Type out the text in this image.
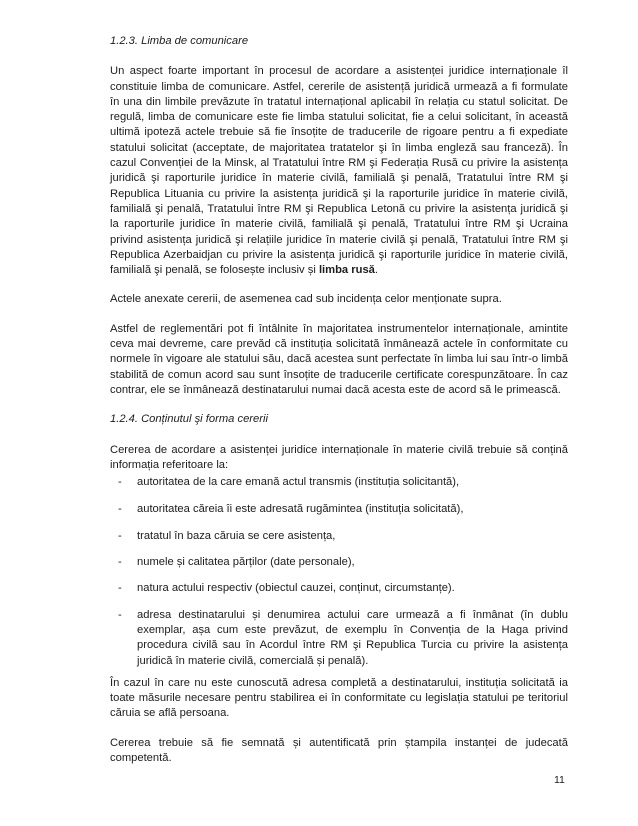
1.2.3. Limba de comunicare

Un aspect foarte important în procesul de acordare a asistenței juridice internaționale îl constituie limba de comunicare. Astfel, cererile de asistență juridică urmează a fi formulate în una din limbile prevăzute în tratatul internațional aplicabil în relația cu statul solicitat. De regulă, limba de comunicare este fie limba statului solicitat, fie a celui solicitant, în această ultimă ipoteză actele trebuie să fie însoțite de traducerile de rigoare pentru a fi expediate statului solicitat (acceptate, de majoritatea tratatelor şi în limba engleză sau franceză). În cazul Convenției de la Minsk, al Tratatului între RM şi Federația Rusă cu privire la asistența juridică şi raporturile juridice în materie civilă, familială şi penală, Tratatului între RM şi Republica Lituania cu privire la asistența juridică şi la raporturile juridice în materie civilă, familială şi penală, Tratatului între RM şi Republica Letonă cu privire la asistența juridică şi la raporturile juridice în materie civilă, familială şi penală, Tratatului între RM şi Ucraina privind asistența juridică şi relațiile juridice în materie civilă şi penală, Tratatului între RM şi Republica Azerbaidjan cu privire la asistența juridică şi raporturile juridice în materie civilă, familială şi penală, se folosește inclusiv și limba rusă.

Actele anexate cererii, de asemenea cad sub incidența celor menționate supra.

Astfel de reglementări pot fi întâlnite în majoritatea instrumentelor internaționale, amintite ceva mai devreme, care prevăd că instituția solicitată înmânează actele în conformitate cu normele în vigoare ale statului său, dacă acestea sunt perfectate în limba lui sau într-o limbă stabilită de comun acord sau sunt însoțite de traducerile certificate corespunzătoare. În caz contrar, ele se înmânează destinatarului numai dacă acesta este de acord să le primească.

1.2.4. Conținutul şi forma cererii

Cererea de acordare a asistenței juridice internaționale în materie civilă trebuie să conțină informația referitoare la:

- autoritatea de la care emană actul transmis (instituția solicitantă),
- autoritatea căreia îi este adresată rugămintea (instituția solicitată),
- tratatul în baza căruia se cere asistența,
- numele și calitatea părților (date personale),
- natura actului respectiv (obiectul cauzei, conținut, circumstanțe).
- adresa destinatarului și denumirea actului care urmează a fi înmânat (în dublu exemplar, așa cum este prevăzut, de exemplu în Convenția de la Haga privind procedura civilă sau în Acordul între RM şi Republica Turcia cu privire la asistența juridică în materie civilă, comercială și penală).

În cazul în care nu este cunoscută adresa completă a destinatarului, instituția solicitată ia toate măsurile necesare pentru stabilirea ei în conformitate cu legislația statului pe teritoriul căruia se află persoana.

Cererea trebuie să fie semnată și autentificată prin ștampila instanței de judecată competentă.

11
